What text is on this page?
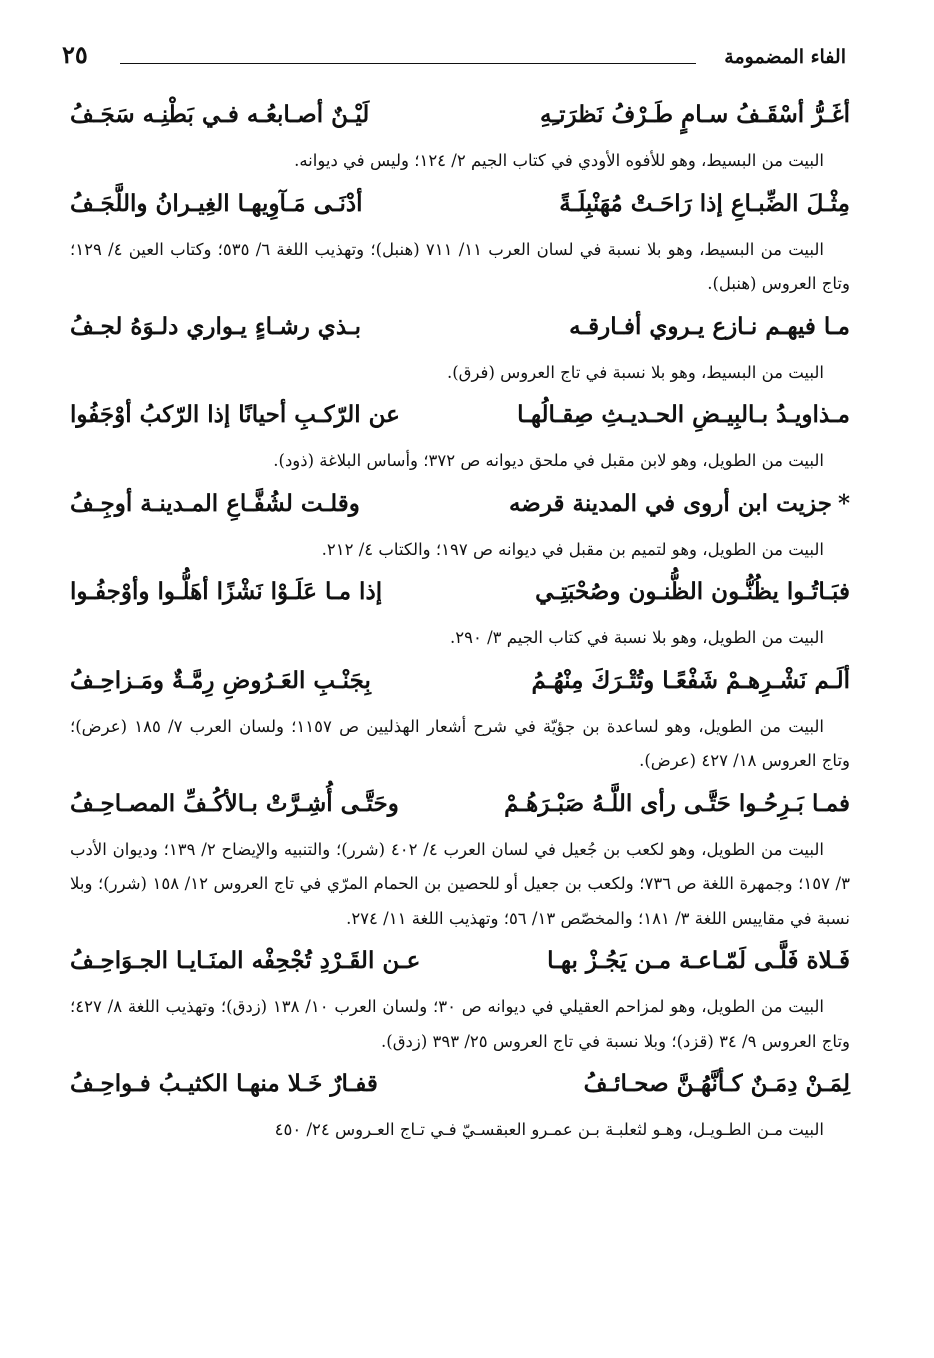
الفاء المضمومة
٢٥
أغَـرُّ أسْقَـفُ سـامٍ طَـرْفُ نَظرَتـِهِ
لَيْـنٌ أصـابعُـه فـي بَطْنِـه سَجَـفُ
البيت من البسيط، وهو للأفوه الأودي في كتاب الجيم ٢/ ١٢٤؛ وليس في ديوانه.
مِثْـلَ الضِّبـاعِ إذا رَاحَـتْ مُهَنْبِلَـةً
أدْنَـى مَـآوِيهـا الغِيـرانُ واللَّجَـفُ
البيت من البسيط، وهو بلا نسبة في لسان العرب ١١/ ٧١١ (هنبل)؛ وتهذيب اللغة ٦/ ٥٣٥؛ وكتاب العين ٤/ ١٢٩؛ وتاج العروس (هنبل).
مـا فيهـم نـازع يـروي أفـارقـه
بـذي رشـاءٍ يـواري دلـوَهُ لجـفُ
البيت من البسيط، وهو بلا نسبة في تاج العروس (فرق).
مـذاويـدُ بـالبِيـضِ الحـديـثِ صِقـالُهـا
عن الرّكـبِ أحيانًا إذا الرّكبُ أوْجَفُوا
البيت من الطويل، وهو لابن مقبل في ملحق ديوانه ص ٣٧٢؛ وأساس البلاغة (ذود).
*جزيت ابن أروى في المدينة قرضه
وقلـت لشُفَّـاعِ المـدينـة أوجِـفُ
البيت من الطويل، وهو لتميم بن مقبل في ديوانه ص ١٩٧؛ والكتاب ٤/ ٢١٢.
فبَـاتُـوا يظُنُّـون الظُّنـون وصُحْبَتِـي
إذا مـا عَلَـوْا نَشْزًا أهَلُّـوا وأوْجفُـوا
البيت من الطويل، وهو بلا نسبة في كتاب الجيم ٣/ ٢٩٠.
ألَـم نَشْـرِهـمْ شَفْعًـا وتُتْـرَكَ مِنْهُـمُ
بِجَنْـبِ العَـرُوضِ رِمَّـةٌ ومَـزاحِـفُ
البيت من الطويل، وهو لساعدة بن جؤيّة في شرح أشعار الهذليين ص ١١٥٧؛ ولسان العرب ٧/ ١٨٥ (عرض)؛ وتاج العروس ١٨/ ٤٢٧ (عرض).
فمـا بَـرِحُـوا حَتَّـى رأى اللَّـهُ صَبْـرَهُـمْ
وحَتَّـى أُشِـرَّتْ بـالأكُـفِّ المصـاحِـفُ
البيت من الطويل، وهو لكعب بن جُعيل في لسان العرب ٤/ ٤٠٢ (شرر)؛ والتنبيه والإيضاح ٢/ ١٣٩؛ وديوان الأدب ٣/ ١٥٧؛ وجمهرة اللغة ص ٧٣٦؛ ولكعب بن جعيل أو للحصين بن الحمام المرّي في تاج العروس ١٢/ ١٥٨ (شرر)؛ وبلا نسبة في مقاييس اللغة ٣/ ١٨١؛ والمخصّص ١٣/ ٥٦؛ وتهذيب اللغة ١١/ ٢٧٤.
فَـلاة فَلَّـى لَمّـاعـة مـن يَجُـزْ بهـا
عـن القَـرْدِ تُجْحِفْه المنَـايـا الجـوَاحِـفُ
البيت من الطويل، وهو لمزاحم العقيلي في ديوانه ص ٣٠؛ ولسان العرب ١٠/ ١٣٨ (زدق)؛ وتهذيب اللغة ٨/ ٤٢٧؛ وتاج العروس ٩/ ٣٤ (قزد)؛ وبلا نسبة في تاج العروس ٢٥/ ٣٩٣ (زدق).
لِمَـنْ دِمَـنٌ كـأنَّهُـنَّ صحـائـفُ
قفـارٌ خَـلا منهـا الكثيـبُ فـواحِـفُ
البيت مـن الطـويـل، وهـو لثعلبـة بـن عمـرو العبقسـيّ فـي تـاج العـروس ٢٤/ ٤٥٠
